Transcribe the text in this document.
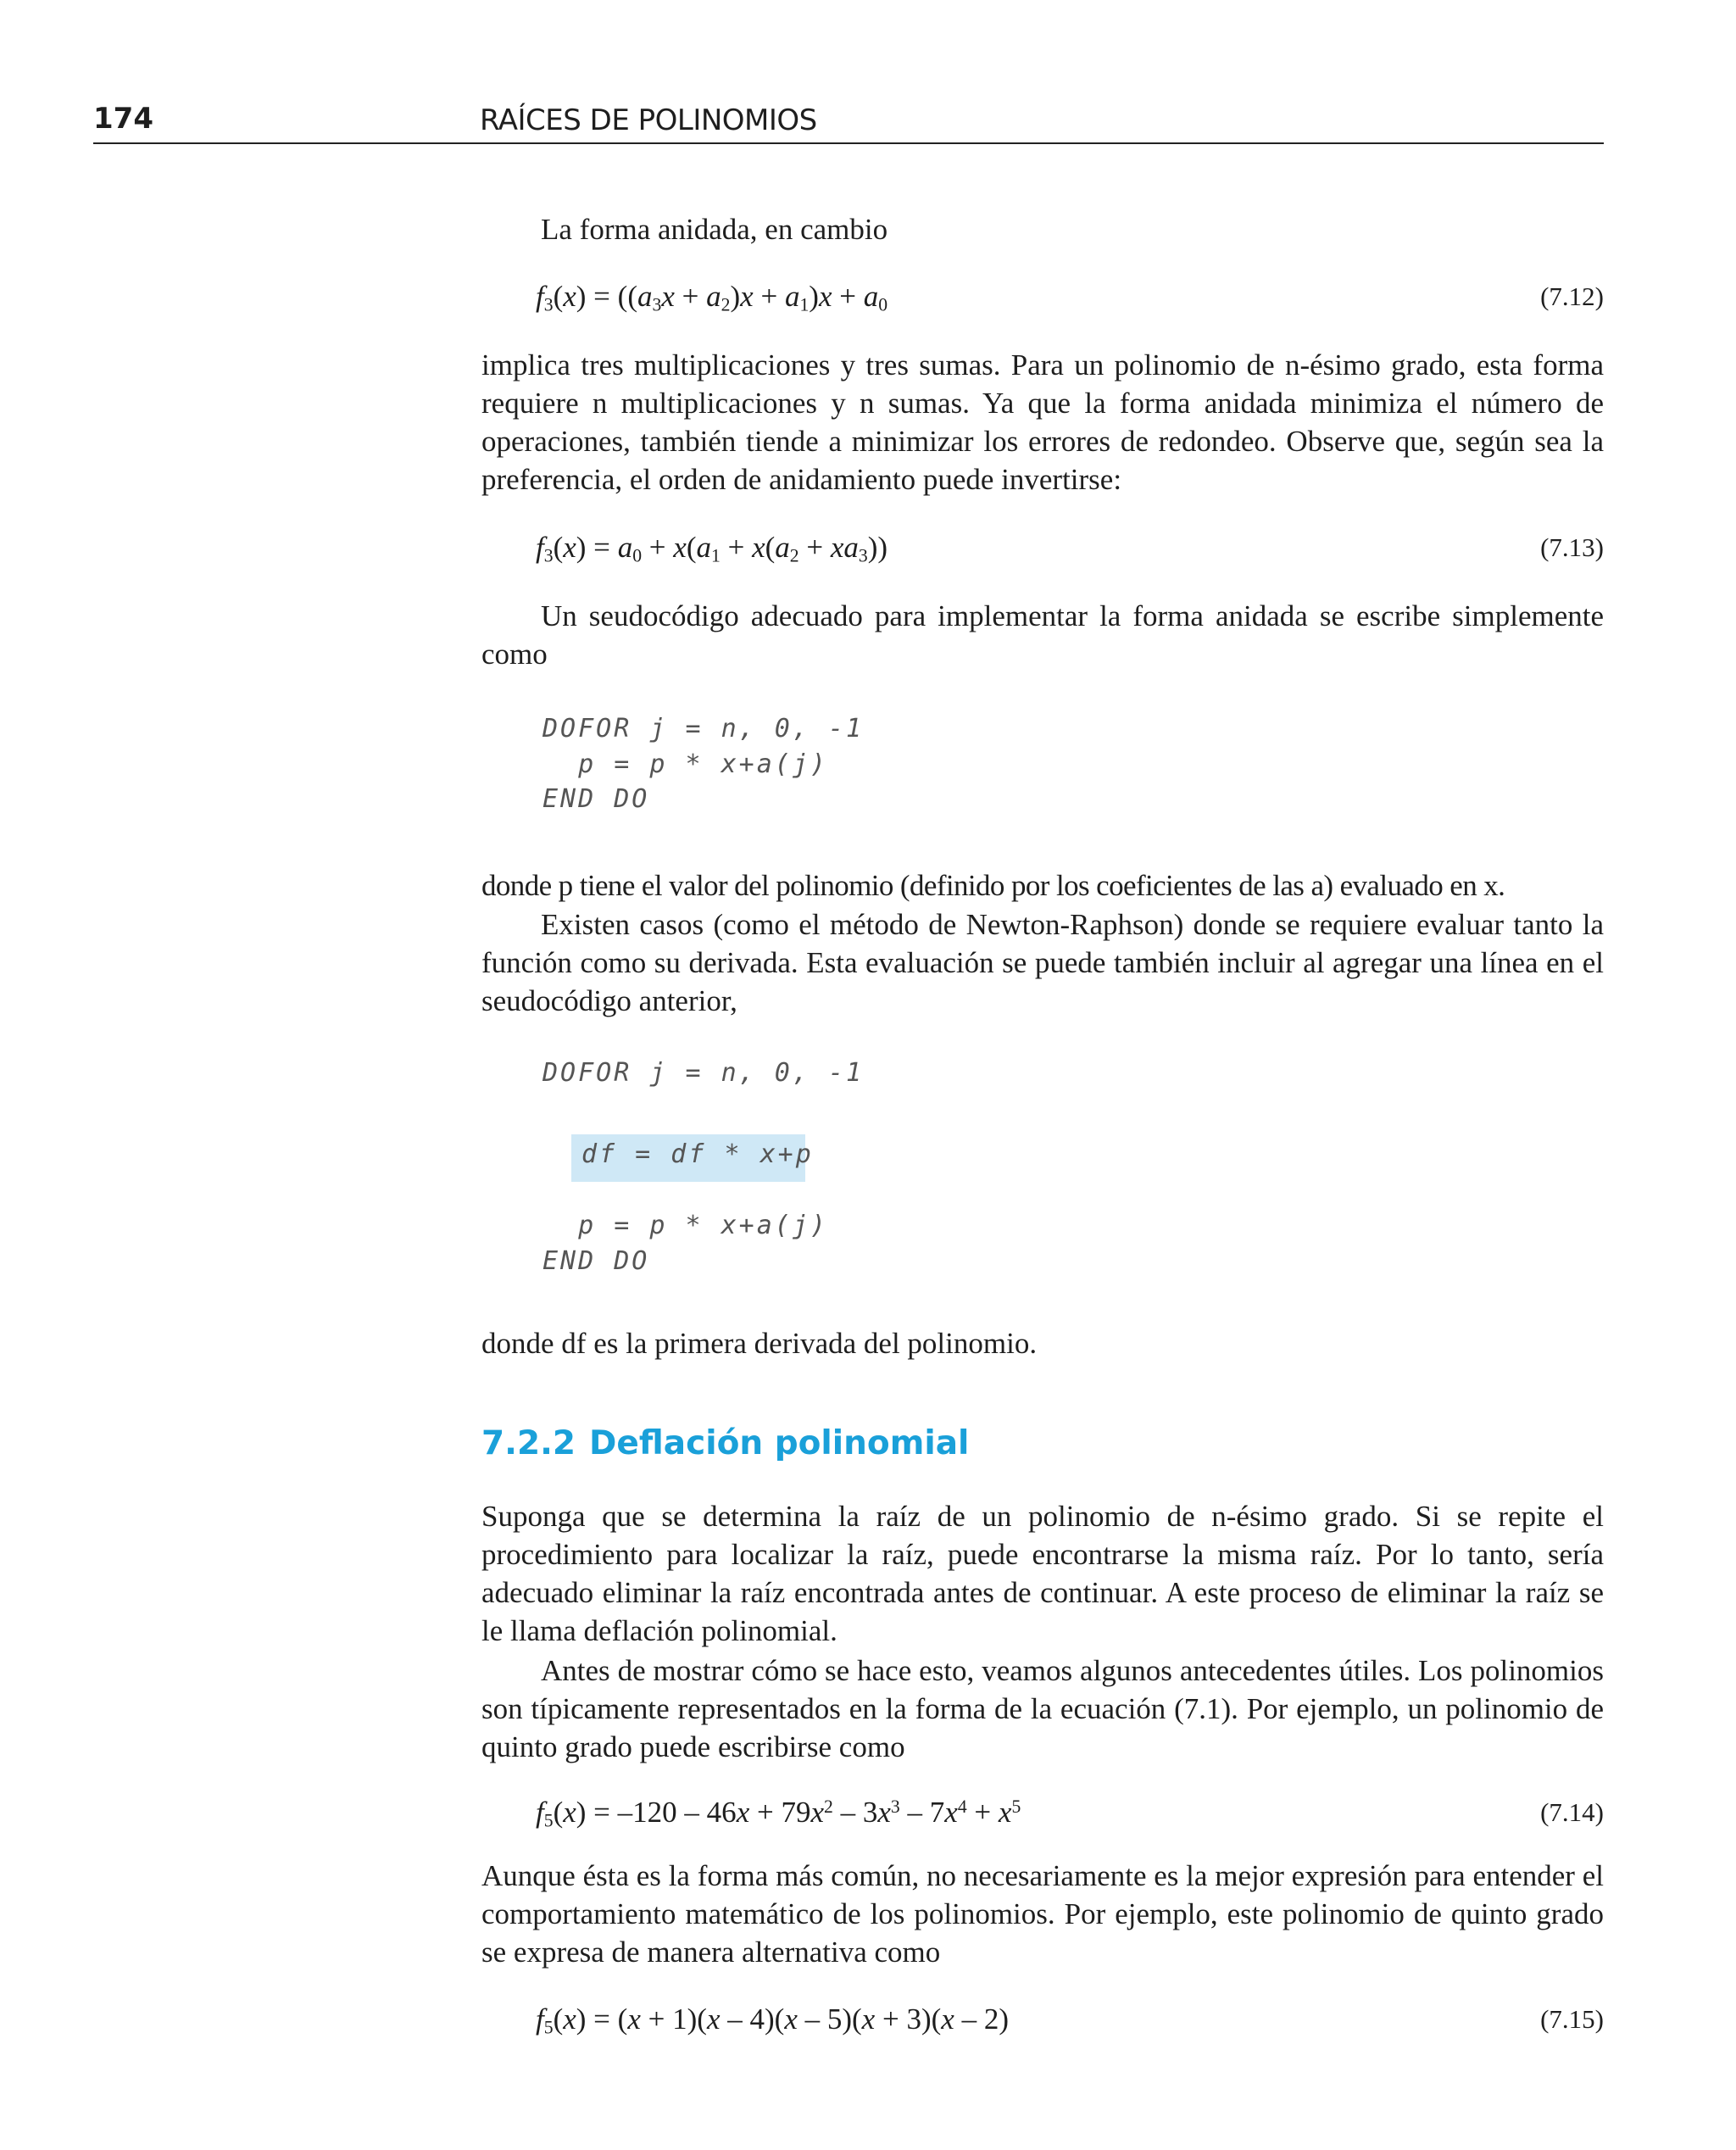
174	RAÍCES DE POLINOMIOS
La forma anidada, en cambio
$f_3(x) = ((a_3x + a_2)x + a_1)x + a_0$	(7.12)
implica tres multiplicaciones y tres sumas. Para un polinomio de n-ésimo grado, esta forma requiere n multiplicaciones y n sumas. Ya que la forma anidada minimiza el número de operaciones, también tiende a minimizar los errores de redondeo. Observe que, según sea la preferencia, el orden de anidamiento puede invertirse:
$f_3(x) = a_0 + x(a_1 + x(a_2 + xa_3))$	(7.13)
Un seudocódigo adecuado para implementar la forma anidada se escribe simplemente como
DOFOR j = n, 0, -1
p = p * x+a(j)
END DO
donde p tiene el valor del polinomio (definido por los coeficientes de las a) evaluado en x.
Existen casos (como el método de Newton-Raphson) donde se requiere evaluar tanto la función como su derivada. Esta evaluación se puede también incluir al agregar una línea en el seudocódigo anterior,
DOFOR j = n, 0, -1
df = df * x+p
p = p * x+a(j)
END DO
donde df es la primera derivada del polinomio.
7.2.2 Deflación polinomial
Suponga que se determina la raíz de un polinomio de n-ésimo grado. Si se repite el procedimiento para localizar la raíz, puede encontrarse la misma raíz. Por lo tanto, sería adecuado eliminar la raíz encontrada antes de continuar. A este proceso de eliminar la raíz se le llama deflación polinomial.
Antes de mostrar cómo se hace esto, veamos algunos antecedentes útiles. Los polinomios son típicamente representados en la forma de la ecuación (7.1). Por ejemplo, un polinomio de quinto grado puede escribirse como
$f_5(x) = -120 - 46x + 79x^2 - 3x^3 - 7x^4 + x^5$	(7.14)
Aunque ésta es la forma más común, no necesariamente es la mejor expresión para entender el comportamiento matemático de los polinomios. Por ejemplo, este polinomio de quinto grado se expresa de manera alternativa como
$f_5(x) = (x + 1)(x - 4)(x - 5)(x + 3)(x - 2)$	(7.15)
